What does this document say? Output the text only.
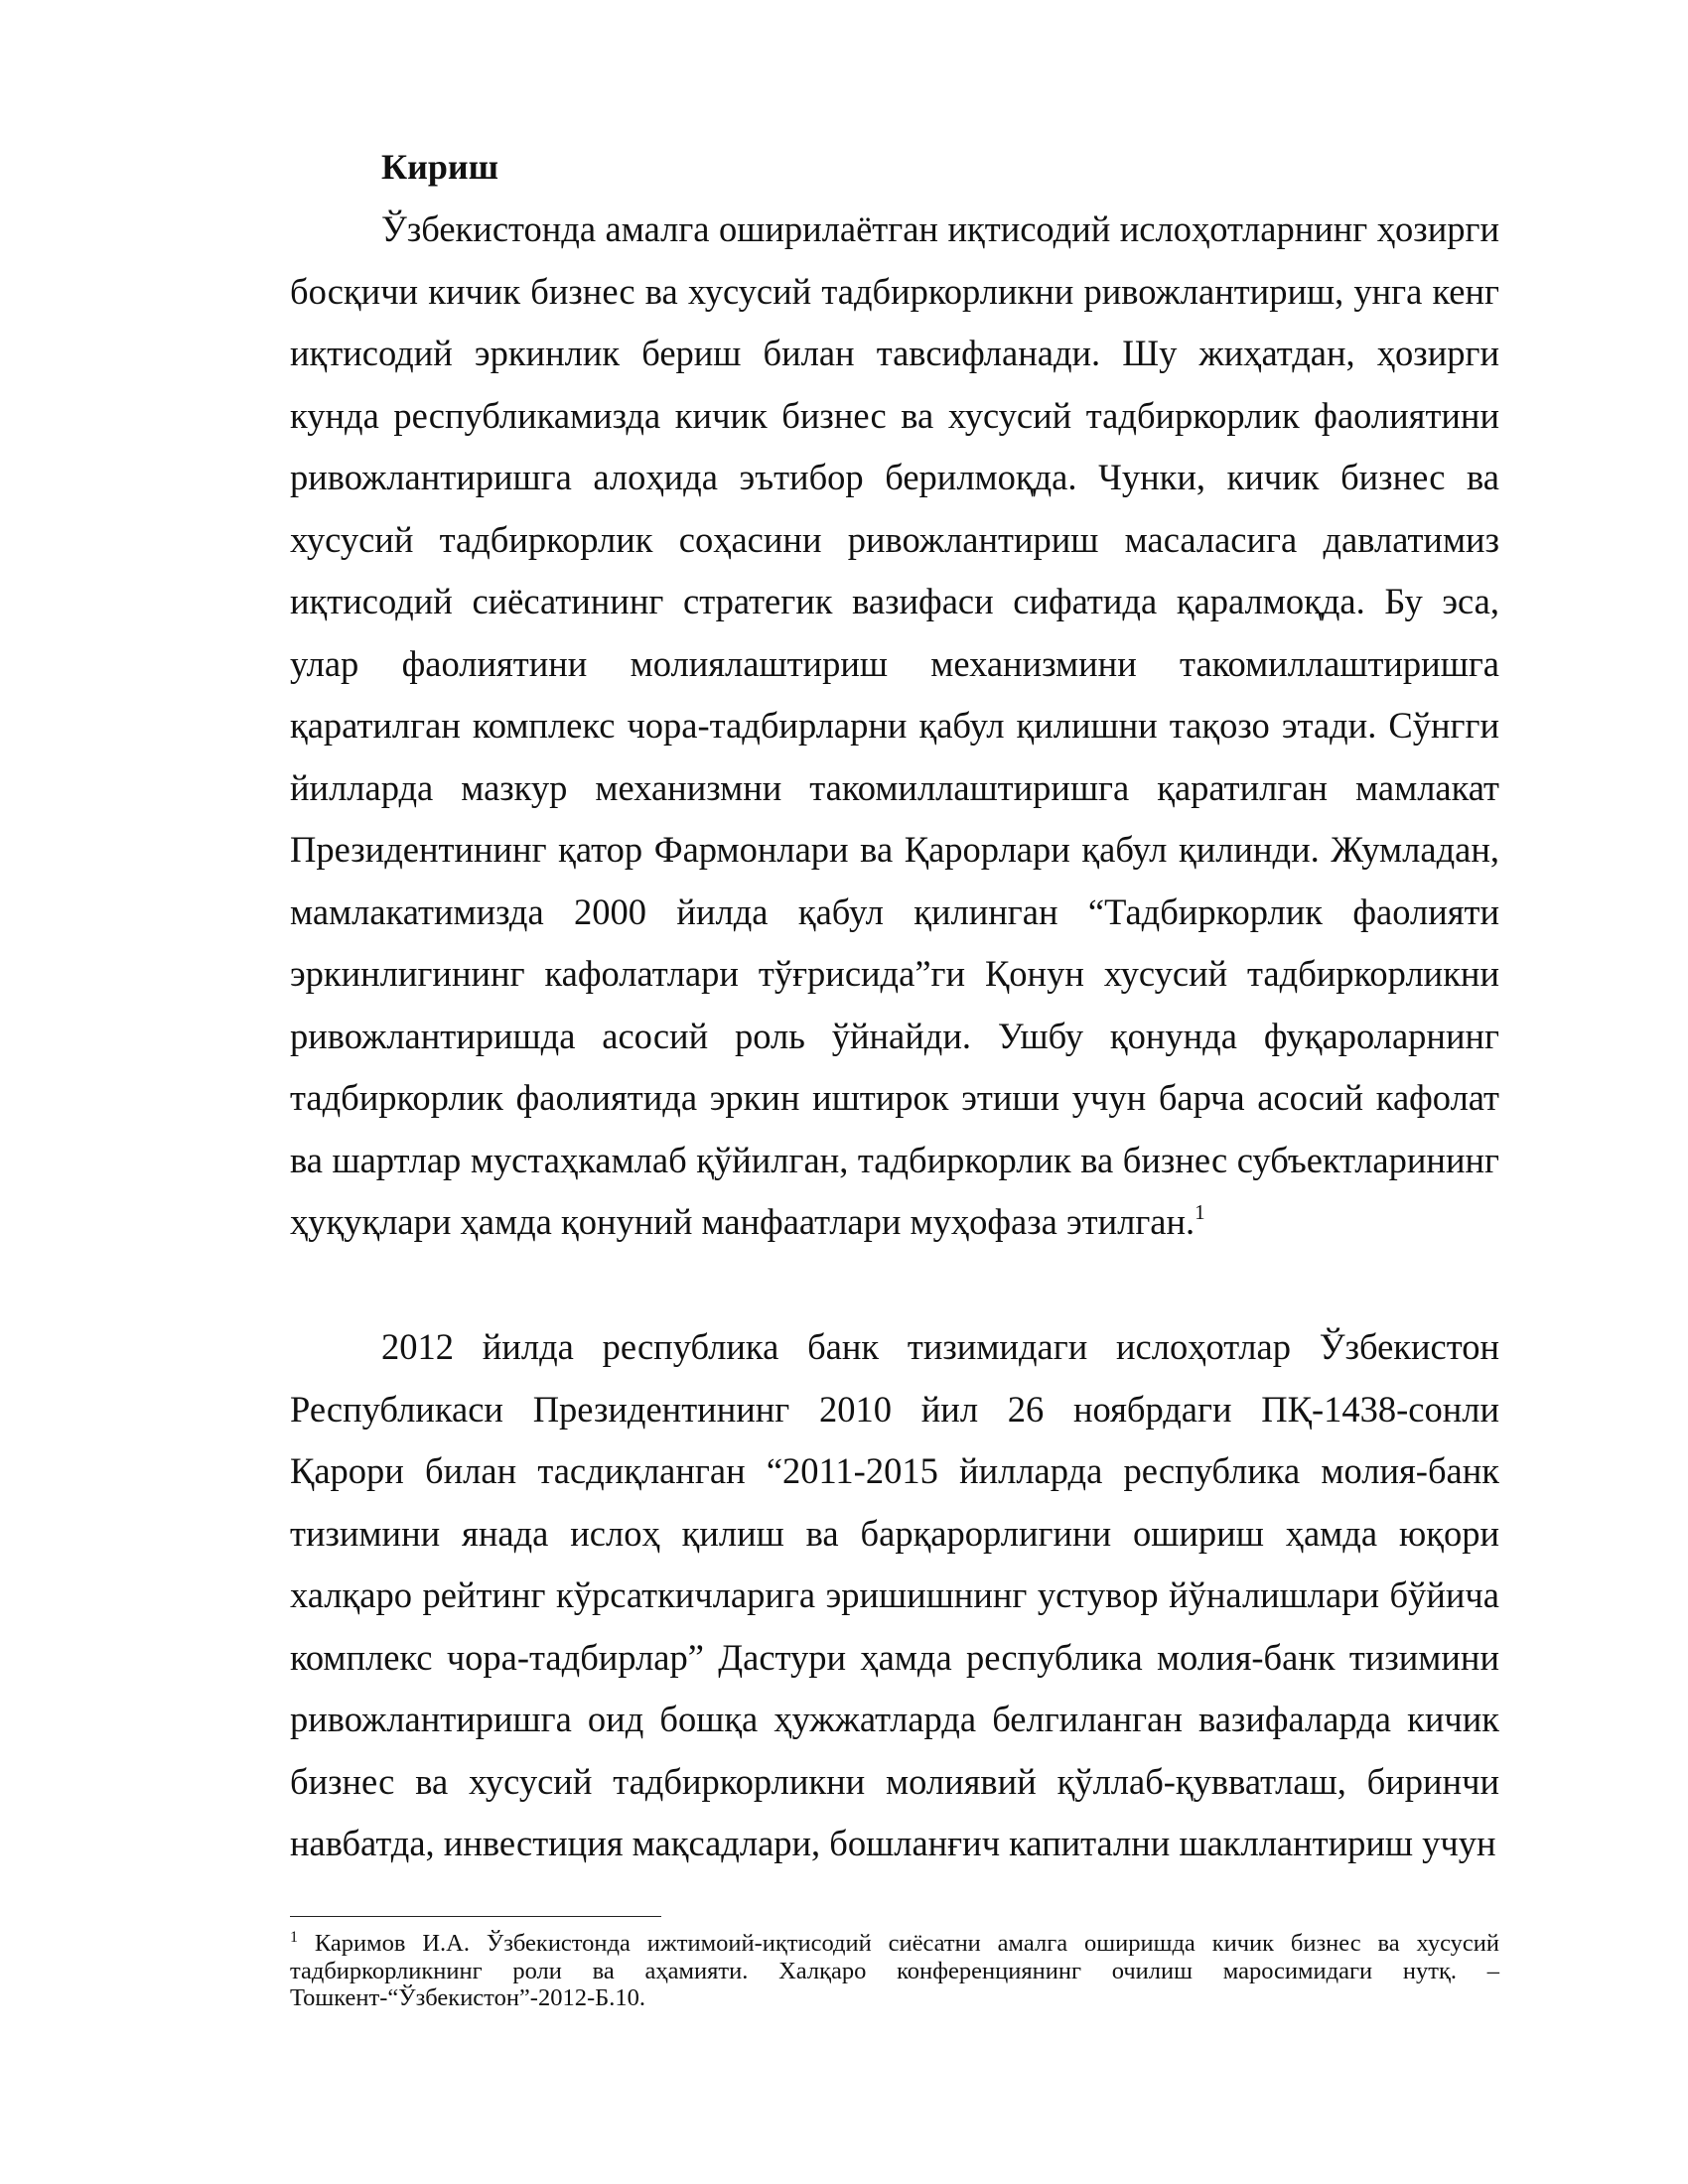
Кириш

Ўзбекистонда амалга оширилаётган иқтисодий ислоҳотларнинг ҳозирги босқичи кичик бизнес ва хусусий тадбиркорликни ривожлантириш, унга кенг иқтисодий эркинлик бериш билан тавсифланади. Шу жиҳатдан, ҳозирги кунда республикамизда кичик бизнес ва хусусий тадбиркорлик фаолиятини ривожлантиришга алоҳида эътибор берилмоқда. Чунки, кичик бизнес ва хусусий тадбиркорлик соҳасини ривожлантириш масаласига давлатимиз иқтисодий сиёсатининг стратегик вазифаси сифатида қаралмоқда. Бу эса, улар фаолиятини молиялаштириш механизмини такомиллаштиришга қаратилган комплекс чора-тадбирларни қабул қилишни тақозо этади. Сўнгги йилларда мазкур механизмни такомиллаштиришга қаратилган мамлакат Президентининг қатор Фармонлари ва Қарорлари қабул қилинди. Жумладан, мамлакатимизда 2000 йилда қабул қилинган “Тадбиркорлик фаолияти эркинлигининг кафолатлари тўғрисида”ги Қонун хусусий тадбиркорликни ривожлантиришда асосий роль ўйнайди. Ушбу қонунда фуқароларнинг тадбиркорлик фаолиятида эркин иштирок этиши учун барча асосий кафолат ва шартлар мустаҳкамлаб қўйилган, тадбиркорлик ва бизнес субъектларининг ҳуқуқлари ҳамда қонуний манфаатлари муҳофаза этилган.$^1$

2012 йилда республика банк тизимидаги ислоҳотлар Ўзбекистон Республикаси Президентининг 2010 йил 26 ноябрдаги ПҚ-1438-сонли Қарори билан тасдиқланган “2011-2015 йилларда республика молия-банк тизимини янада ислоҳ қилиш ва барқарорлигини ошириш ҳамда юқори халқаро рейтинг кўрсаткичларига эришишнинг устувор йўналишлари бўйича комплекс чора-тадбирлар” Дастури ҳамда республика молия-банк тизимини ривожлантиришга оид бошқа ҳужжатларда белгиланган вазифаларда кичик бизнес ва хусусий тадбиркорликни молиявий қўллаб-қувватлаш, биринчи навбатда, инвестиция мақсадлари, бошланғич капитални шакллантириш учун

$^1$ Каримов И.А. Ўзбекистонда ижтимоий-иқтисодий сиёсатни амалга оширишда кичик бизнес ва хусусий тадбиркорликнинг роли ва аҳамияти. Халқаро конференциянинг очилиш маросимидаги нутқ. –Тошкент-“Ўзбекистон”-2012-Б.10.
